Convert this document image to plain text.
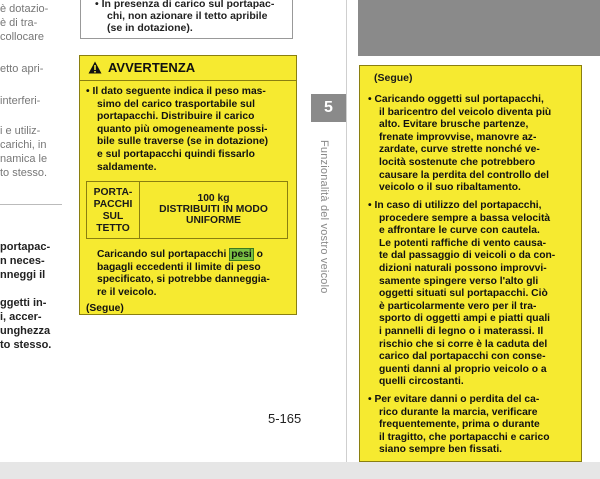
è dotazio-
è di tra-
collocare
etto apri-
interferi-
i e utiliz-
carichi, in
namica le
to stesso.
portapac-
n neces-
nneggi il
ggetti in-
i, accer-
unghezza
to stesso.
• In presenza di carico sul portapac-
chi, non azionare il tetto apribile
(se in dotazione).
AVVERTENZA
• Il dato seguente indica il peso mas-
simo del carico trasportabile sul
portapacchi. Distribuire il carico
quanto più omogeneamente possi-
bile sulle traverse (se in dotazione)
e sul portapacchi quindi fissarlo
saldamente.
PORTA-
PACCHI
SUL
TETTO
100 kg
DISTRIBUITI IN MODO
UNIFORME
Caricando sul portapacchi pesi o
bagagli eccedenti il limite di peso
specificato, si potrebbe danneggia-
re il veicolo.
(Segue)
5
Funzionalità del vostro veicolo
5-165
(Segue)
• Caricando oggetti sul portapacchi,
il baricentro del veicolo diventa più
alto. Evitare brusche partenze,
frenate improvvise, manovre az-
zardate, curve strette nonché ve-
locità sostenute che potrebbero
causare la perdita del controllo del
veicolo o il suo ribaltamento.
• In caso di utilizzo del portapacchi,
procedere sempre a bassa velocità
e affrontare le curve con cautela.
Le potenti raffiche di vento causa-
te dal passaggio di veicoli o da con-
dizioni naturali possono improvvi-
samente spingere verso l'alto gli
oggetti situati sul portapacchi. Ciò
è particolarmente vero per il tra-
sporto di oggetti ampi e piatti quali
i pannelli di legno o i materassi. Il
rischio che si corre è la caduta del
carico dal portapacchi con conse-
guenti danni al proprio veicolo o a
quelli circostanti.
• Per evitare danni o perdita del ca-
rico durante la marcia, verificare
frequentemente, prima o durante
il tragitto, che portapacchi e carico
siano sempre ben fissati.
